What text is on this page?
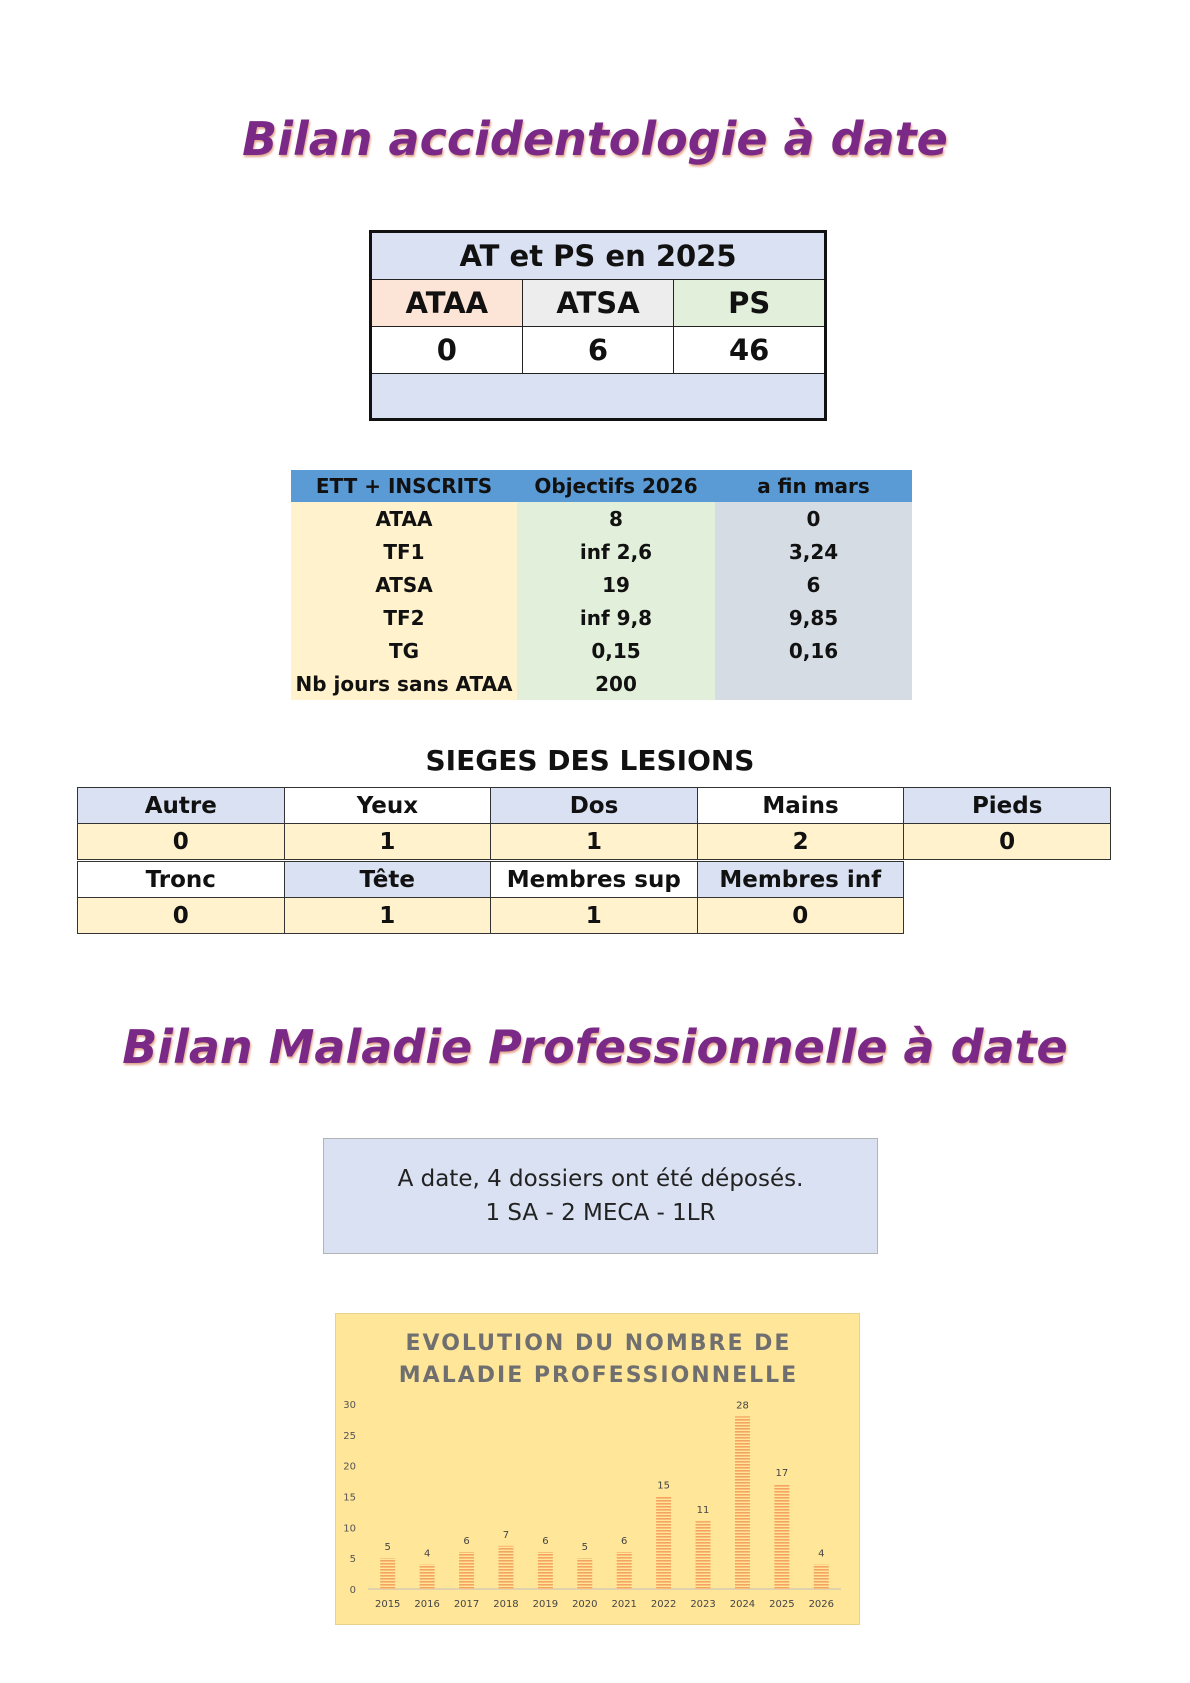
Bilan accidentologie à date
AT et PS en 2025		
ATAA	ATSA	PS
0	6	46

ETT + INSCRITS	Objectifs 2026	a fin mars
ATAA	8	0
TF1	inf 2,6	3,24
ATSA	19	6
TF2	inf 9,8	9,85
TG	0,15	0,16
Nb jours sans ATAA	200	
SIEGES DES LESIONS
Autre	Yeux	Dos	Mains	Pieds
0	1	1	2	0
Tronc	Tête	Membres sup	Membres inf
0	1	1	0
Bilan Maladie Professionnelle à date
A date, 4 dossiers ont été déposés.
1 SA - 2 MECA - 1LR
EVOLUTION DU NOMBRE DE
MALADIE PROFESSIONNELLE
0
5
10
15
20
25
30
5
2015
4
2016
6
2017
7
2018
6
2019
5
2020
6
2021
15
2022
11
2023
28
2024
17
2025
4
2026
